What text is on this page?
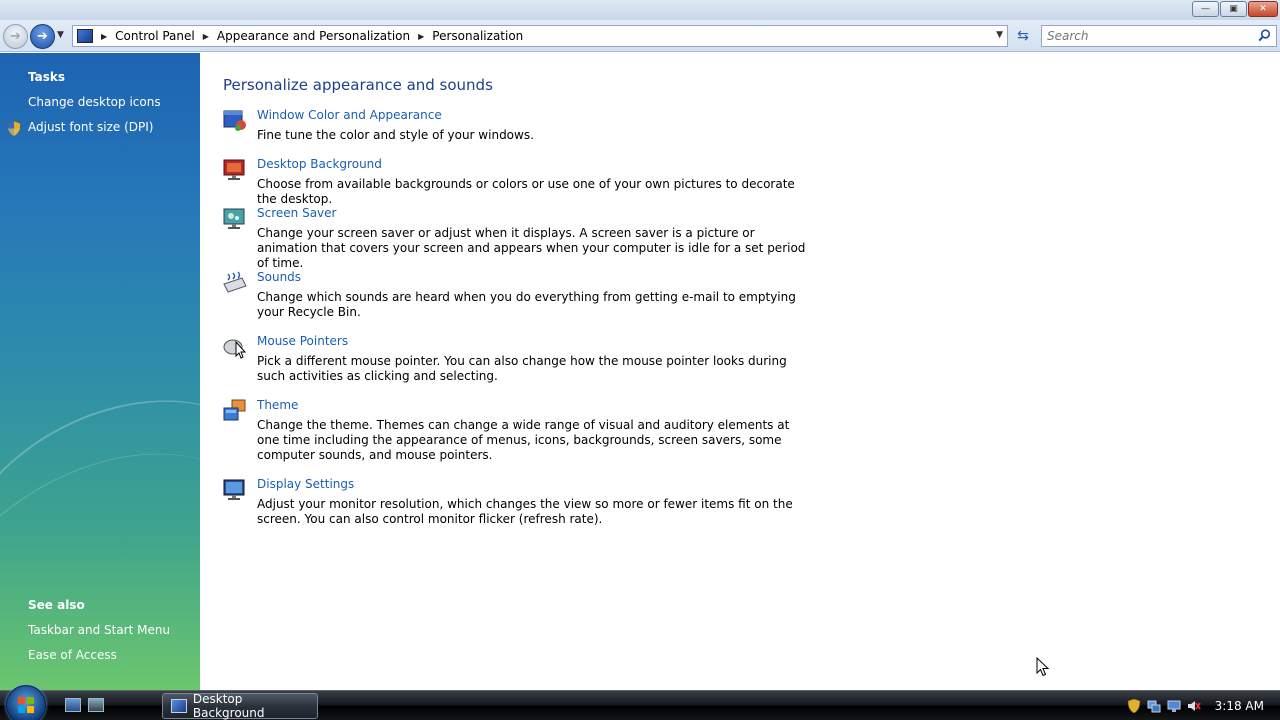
—	▣	✕
➔ ➔ ▼	▶ Control Panel ▶ Appearance and Personalization ▶ Personalization	▼ ⇆
Search
Tasks
Change desktop icons
Adjust font size (DPI)
See also
Taskbar and Start Menu
Ease of Access
Personalize appearance and sounds
Window Color and Appearance
Fine tune the color and style of your windows.
Desktop Background
Choose from available backgrounds or colors or use one of your own pictures to decorate the desktop.
Screen Saver
Change your screen saver or adjust when it displays. A screen saver is a picture or animation that covers your screen and appears when your computer is idle for a set period of time.
Sounds
Change which sounds are heard when you do everything from getting e-mail to emptying your Recycle Bin.
Mouse Pointers
Pick a different mouse pointer. You can also change how the mouse pointer looks during such activities as clicking and selecting.
Theme
Change the theme. Themes can change a wide range of visual and auditory elements at one time including the appearance of menus, icons, backgrounds, screen savers, some computer sounds, and mouse pointers.
Display Settings
Adjust your monitor resolution, which changes the view so more or fewer items fit on the screen. You can also control monitor flicker (refresh rate).
Desktop Background	3:18 AM
